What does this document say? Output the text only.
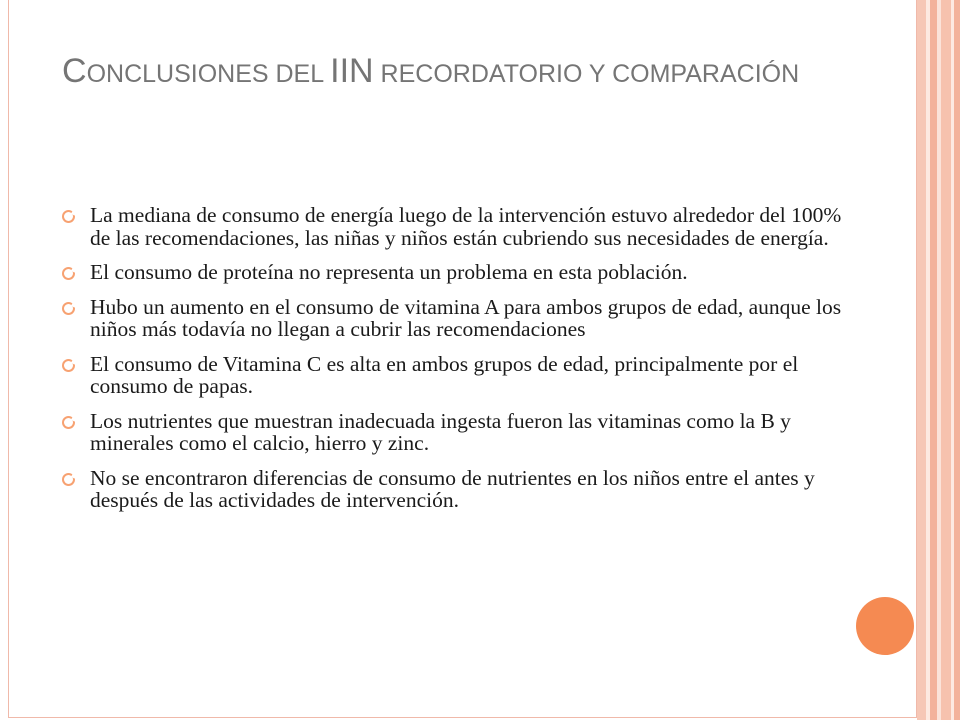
CONCLUSIONES DEL IIN RECORDATORIO Y COMPARACIÓN
La mediana de consumo de energía luego de la intervención estuvo alrededor del 100% de las recomendaciones, las niñas y niños están cubriendo sus necesidades de energía.
El consumo de proteína no representa un problema en esta población.
Hubo un aumento en el consumo de vitamina A para ambos grupos de edad, aunque los niños más todavía no llegan a cubrir las recomendaciones
El consumo de Vitamina C es alta en ambos grupos de edad, principalmente por el consumo de papas.
Los nutrientes que muestran inadecuada ingesta fueron las vitaminas como la B y minerales como el calcio, hierro y zinc.
No se encontraron diferencias de consumo de nutrientes en los niños entre el antes y después de las actividades de intervención.
